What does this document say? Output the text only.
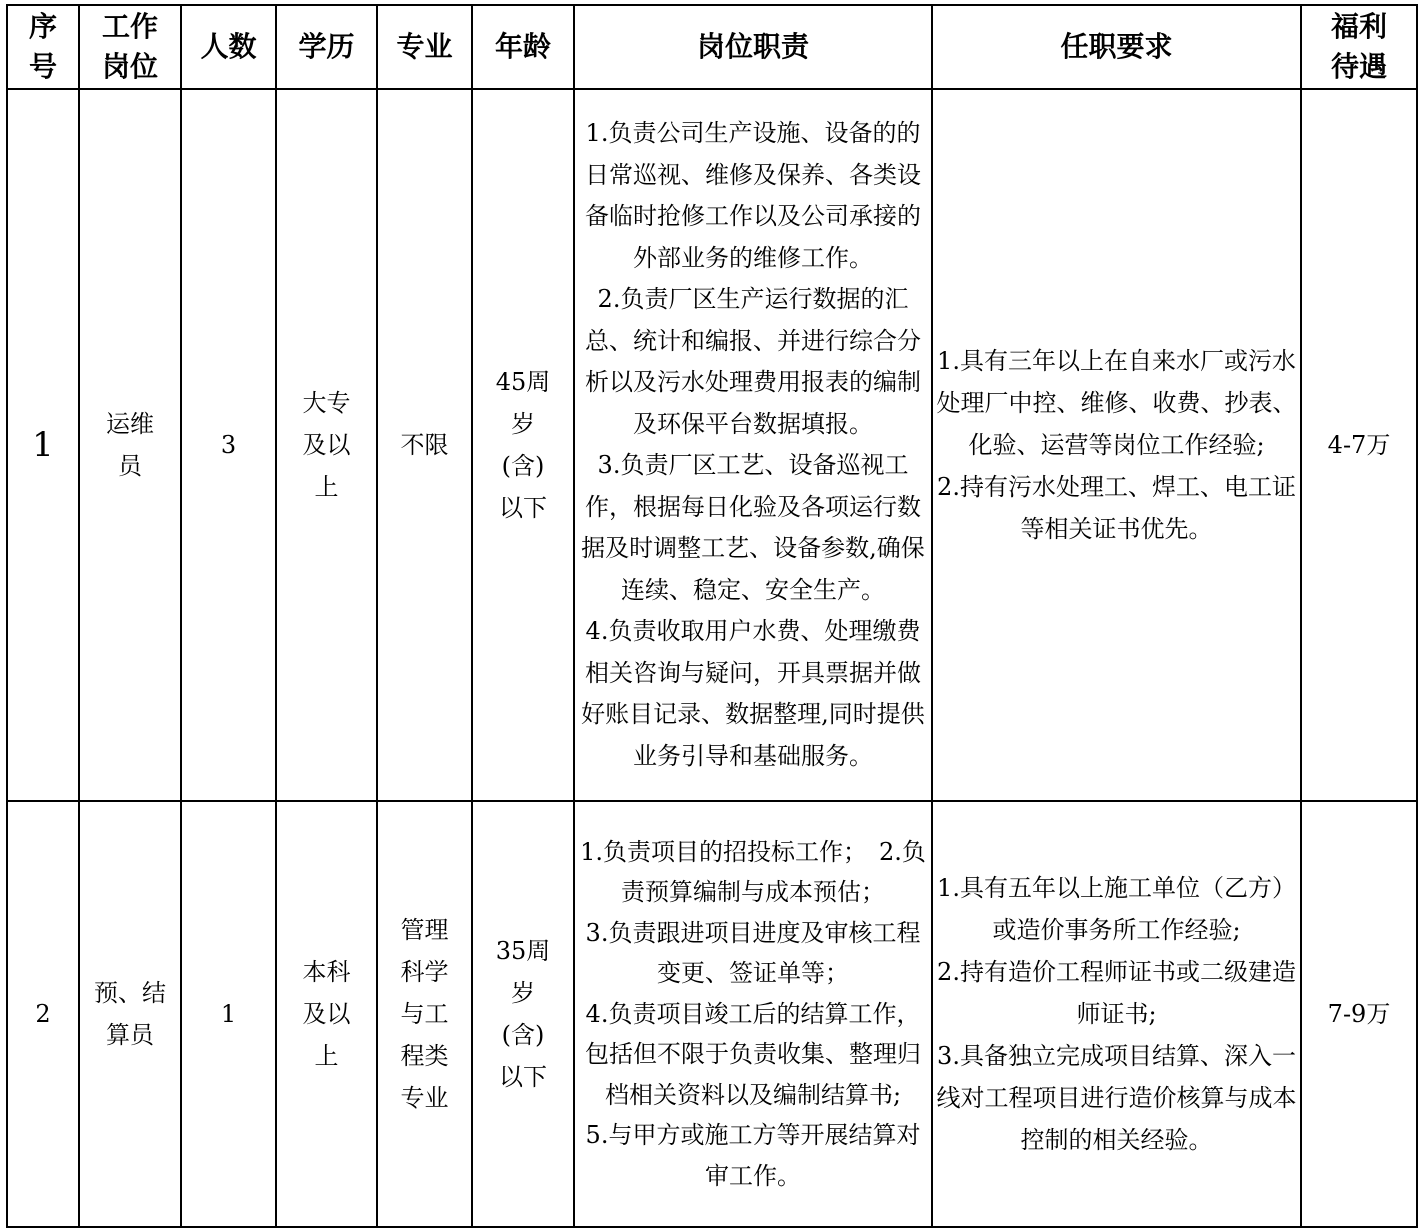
序号	工作岗位	人数	学历	专业	年龄	岗位职责	任职要求	福利待遇
1	运维员	3	大专及以上	不限	45周岁(含)以下	1.负责公司生产设施、设备的的日常巡视、维修及保养、各类设备临时抢修工作以及公司承接的外部业务的维修工作。
2.负责厂区生产运行数据的汇总、统计和编报、并进行综合分析以及污水处理费用报表的编制及环保平台数据填报。
3.负责厂区工艺、设备巡视工作，根据每日化验及各项运行数据及时调整工艺、设备参数,确保连续、稳定、安全生产。
4.负责收取用户水费、处理缴费相关咨询与疑问，开具票据并做好账目记录、数据整理,同时提供业务引导和基础服务。	1.具有三年以上在自来水厂或污水处理厂中控、维修、收费、抄表、化验、运营等岗位工作经验;
2.持有污水处理工、焊工、电工证等相关证书优先。	4-7万
2	预、结算员	1	本科及以上	管理科学与工程类专业	35周岁(含)以下	1.负责项目的招投标工作；　2.负责预算编制与成本预估；
3.负责跟进项目进度及审核工程变更、签证单等；
4.负责项目竣工后的结算工作，包括但不限于负责收集、整理归档相关资料以及编制结算书;
5.与甲方或施工方等开展结算对审工作。	1.具有五年以上施工单位（乙方）或造价事务所工作经验;
2.持有造价工程师证书或二级建造师证书;
3.具备独立完成项目结算、深入一线对工程项目进行造价核算与成本控制的相关经验。	7-9万
